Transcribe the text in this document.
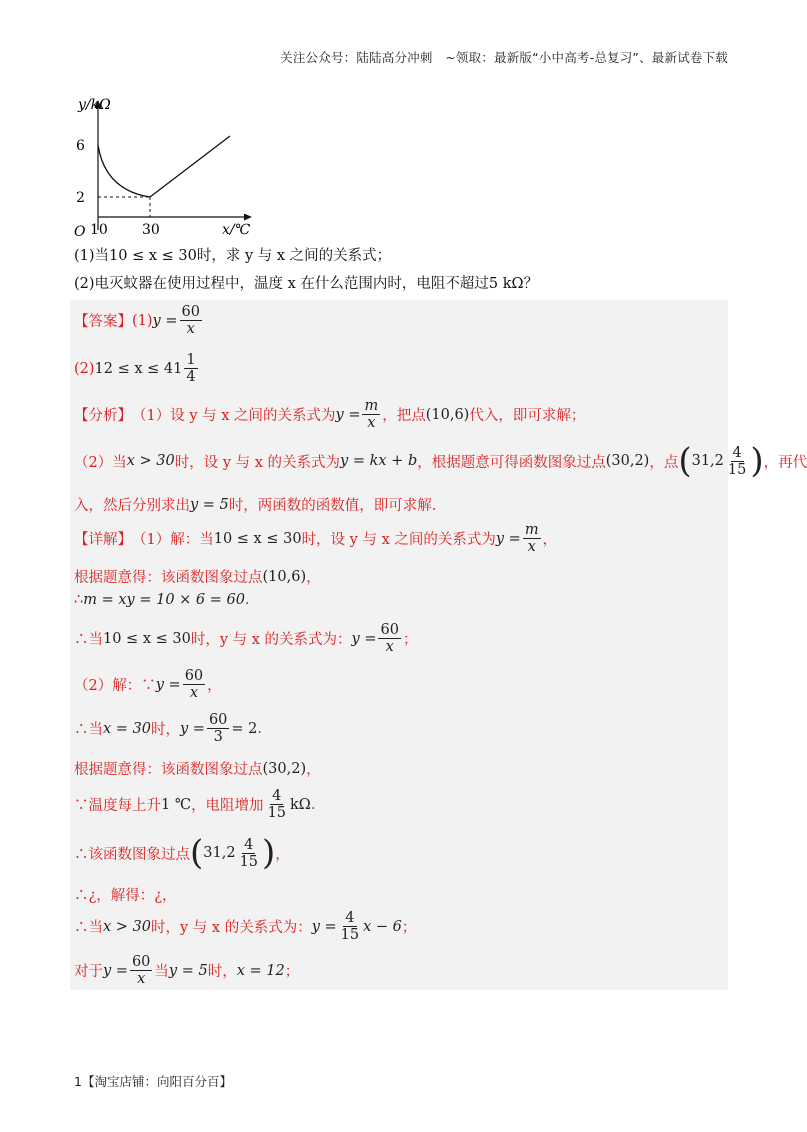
关注公众号：陆陆高分冲刺　~领取：最新版“小中高考-总复习”、最新试卷下载
y/kΩ
6
2
O 10 30	x/℃
(1)当10 ≤ x ≤ 30时，求 y 与 x 之间的关系式；
(2)电灭蚊器在使用过程中，温度 x 在什么范围内时，电阻不超过5 kΩ？
【答案】 (1) $y = \frac{60}{x}$
(2) $12 \le x \le 41 \frac{1}{4}$
【分析】 （1）设 y 与 x 之间的关系式为 $y = \frac{m}{x}$ ，把点 (10,6) 代入，即可求解；
（2）当 x > 30 时，设 y 与 x 的关系式为 y = kx + b ，根据题意可得函数图象过点 (30,2) ，点 ( $31,2 \frac{4}{15}$ ) ，再代
入，然后分别求出 y = 5 时，两函数的函数值，即可求解.
【详解】 （1）解：当 10 ≤ x ≤ 30 时，设 y 与 x 之间的关系式为 $y = \frac{m}{x}$ ，
根据题意得：该函数图象过点 (10,6) ，
∴ m = xy = 10 × 6 = 60 .
∴当 10 ≤ x ≤ 30 时，y 与 x 的关系式为： $y = \frac{60}{x}$ ；
（2）解：∵ $y = \frac{60}{x}$ ，
∴当 x = 30 时， $y = \frac{60}{3} = 2$ .
根据题意得：该函数图象过点 (30,2) ，
∵温度每上升 1 ℃ ，电阻增加 $\frac{4}{15}$ kΩ .
∴该函数图象过点 ( $31,2 \frac{4}{15}$ ) ，
∴¿，解得：¿，
∴当 x > 30 时，y 与 x 的关系式为： $y = \frac{4}{15}$ x − 6 ；
对于 $y = \frac{60}{x}$ 当 y = 5 时， x = 12 ；
1【淘宝店铺：向阳百分百】
